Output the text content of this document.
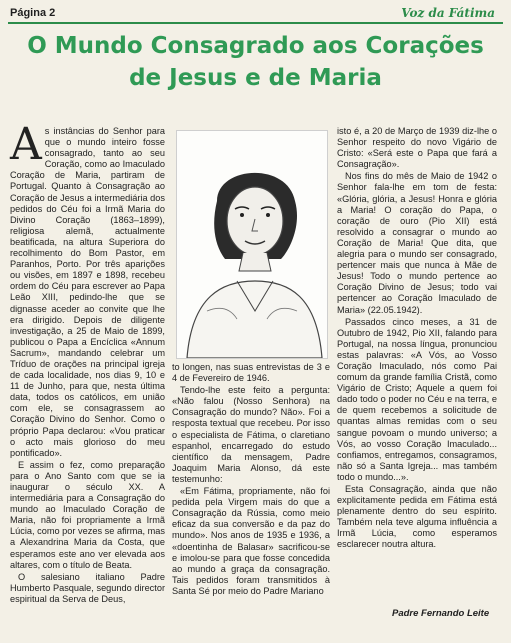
Página 2	Voz da Fátima
O Mundo Consagrado aos Corações
de Jesus e de Maria

As instâncias do Senhor para que o mundo inteiro fosse consagrado, tanto ao seu Coração, como ao Imaculado Coração de Maria, partiram de Portugal. Quanto à Consagração ao Coração de Jesus a intermediária dos pedidos do Céu foi a Irmã Maria do Divino Coração (1863–1899), religiosa alemã, actualmente beatificada, na altura Superiora do recolhimento do Bom Pastor, em Paranhos, Porto. Por três aparições ou visões, em 1897 e 1898, recebeu ordem do Céu para escrever ao Papa Leão XIII, pedindo-lhe que se dignasse aceder ao convite que lhe era dirigido. Depois de diligente investigação, a 25 de Maio de 1899, publicou o Papa a Encíclica «Annum Sacrum», mandando celebrar um Tríduo de orações na principal igreja de cada localidade, nos dias 9, 10 e 11 de Junho, para que, nesta última data, todos os católicos, em união com ele, se consagrassem ao Coração Divino do Senhor. Como o próprio Papa declarou: «Vou praticar o acto mais glorioso do meu pontificado».

E assim o fez, como preparação para o Ano Santo com que se ia inaugurar o século XX. A intermediária para a Consagração do mundo ao Imaculado Coração de Maria, não foi propriamente a Irmã Lúcia, como por vezes se afirma, mas a Alexandrina Maria da Costa, que esperamos este ano ver elevada aos altares, com o título de Beata.

O salesiano italiano Padre Humberto Pasquale, segundo director espiritual da Serva de Deus,

to longen, nas suas entrevistas de 3 e 4 de Fevereiro de 1946.

Tendo-lhe este feito a pergunta: «Não falou (Nosso Senhora) na Consagração do mundo? Não». Foi a resposta textual que recebeu. Por isso o especialista de Fátima, o claretiano espanhol, encarregado do estudo científico da mensagem, Padre Joaquim Maria Alonso, dá este testemunho:

«Em Fátima, propriamente, não foi pedida pela Virgem mais do que a Consagração da Rússia, como meio eficaz da sua conversão e da paz do mundo». Nos anos de 1935 e 1936, a «doentinha de Balasar» sacrificou-se e imolou-se para que fosse concedida ao mundo a graça da consagração. Tais pedidos foram transmitidos à Santa Sé por meio do Padre Mariano

isto é, a 20 de Março de 1939 diz-lhe o Senhor respeito do novo Vigário de Cristo: «Será este o Papa que fará a Consagração».

Nos fins do mês de Maio de 1942 o Senhor fala-lhe em tom de festa: «Glória, glória, a Jesus! Honra e glória a Maria! O coração do Papa, o coração de ouro (Pio XII) está resolvido a consagrar o mundo ao Coração de Maria! Que dita, que alegria para o mundo ser consagrado, pertencer mais que nunca à Mãe de Jesus! Todo o mundo pertence ao Coração Divino de Jesus; todo vai pertencer ao Coração Imaculado de Maria» (22.05.1942).

Passados cinco meses, a 31 de Outubro de 1942, Pio XII, falando para Portugal, na nossa língua, pronunciou estas palavras: «A Vós, ao Vosso Coração Imaculado, nós como Pai comum da grande família Cristã, como Vigário de Cristo; Aquele a quem foi dado todo o poder no Céu e na terra, e de quem recebemos a solicitude de quantas almas remidas com o seu sangue povoam o mundo universo; a Vós, ao vosso Coração Imaculado... confiamos, entregamos, consagramos, não só a Santa Igreja... mas também todo o mundo...».

Esta Consagração, ainda que não explicitamente pedida em Fátima está plenamente dentro do seu espírito. Também nela teve alguma influência a Irmã Lúcia, como esperamos esclarecer noutra altura.

Padre Fernando Leite
